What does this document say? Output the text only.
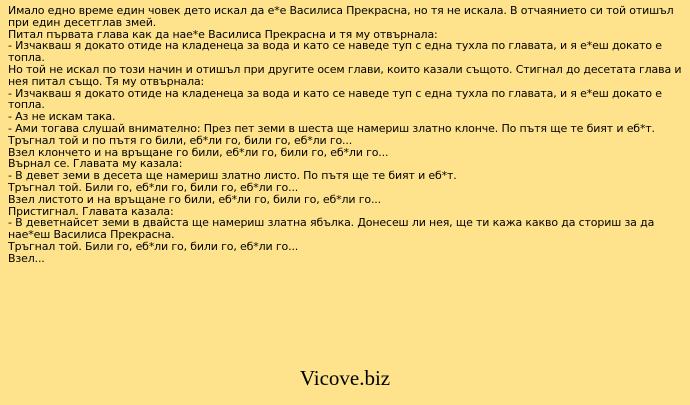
Имало едно време един човек дето искал да е*е Василиса Прекрасна, но тя не искала. В отчаянието си той отишъл при един десетглав змей.
Питал първата глава как да нае*е Василиса Прекрасна и тя му отвърнала:
- Изчакваш я докато отиде на кладенеца за вода и като се наведе туп с една тухла по главата, и я е*еш докато е топла.
Но той не искал по този начин и отишъл при другите осем глави, които казали същото. Стигнал до десетата глава и нея питал също. Тя му отвърнала:
- Изчакваш я докато отиде на кладенеца за вода и като се наведе туп с една тухла по главата, и я е*еш докато е топла.
- Аз не искам така.
- Ами тогава слушай внимателно: През пет земи в шеста ще намериш златно клонче. По пътя ще те бият и еб*т.
Тръгнал той и по пътя го били, еб*ли го, били го, еб*ли го...
Взел клончето и на връщане го били, еб*ли го, били го, еб*ли го...
Върнал се. Главата му казала:
- В девет земи в десета ще намериш златно листо. По пътя ще те бият и еб*т.
Тръгнал той. Били го, еб*ли го, били го, еб*ли го...
Взел листото и на връщане го били, еб*ли го, били го, еб*ли го...
Пристигнал. Главата казала:
- В деветнайсет земи в двайста ще намериш златна ябълка. Донесеш ли нея, ще ти кажа какво да сториш за да нае*еш Василиса Прекрасна.
Тръгнал той. Били го, еб*ли го, били го, еб*ли го...
Взел...
Vicove.biz
